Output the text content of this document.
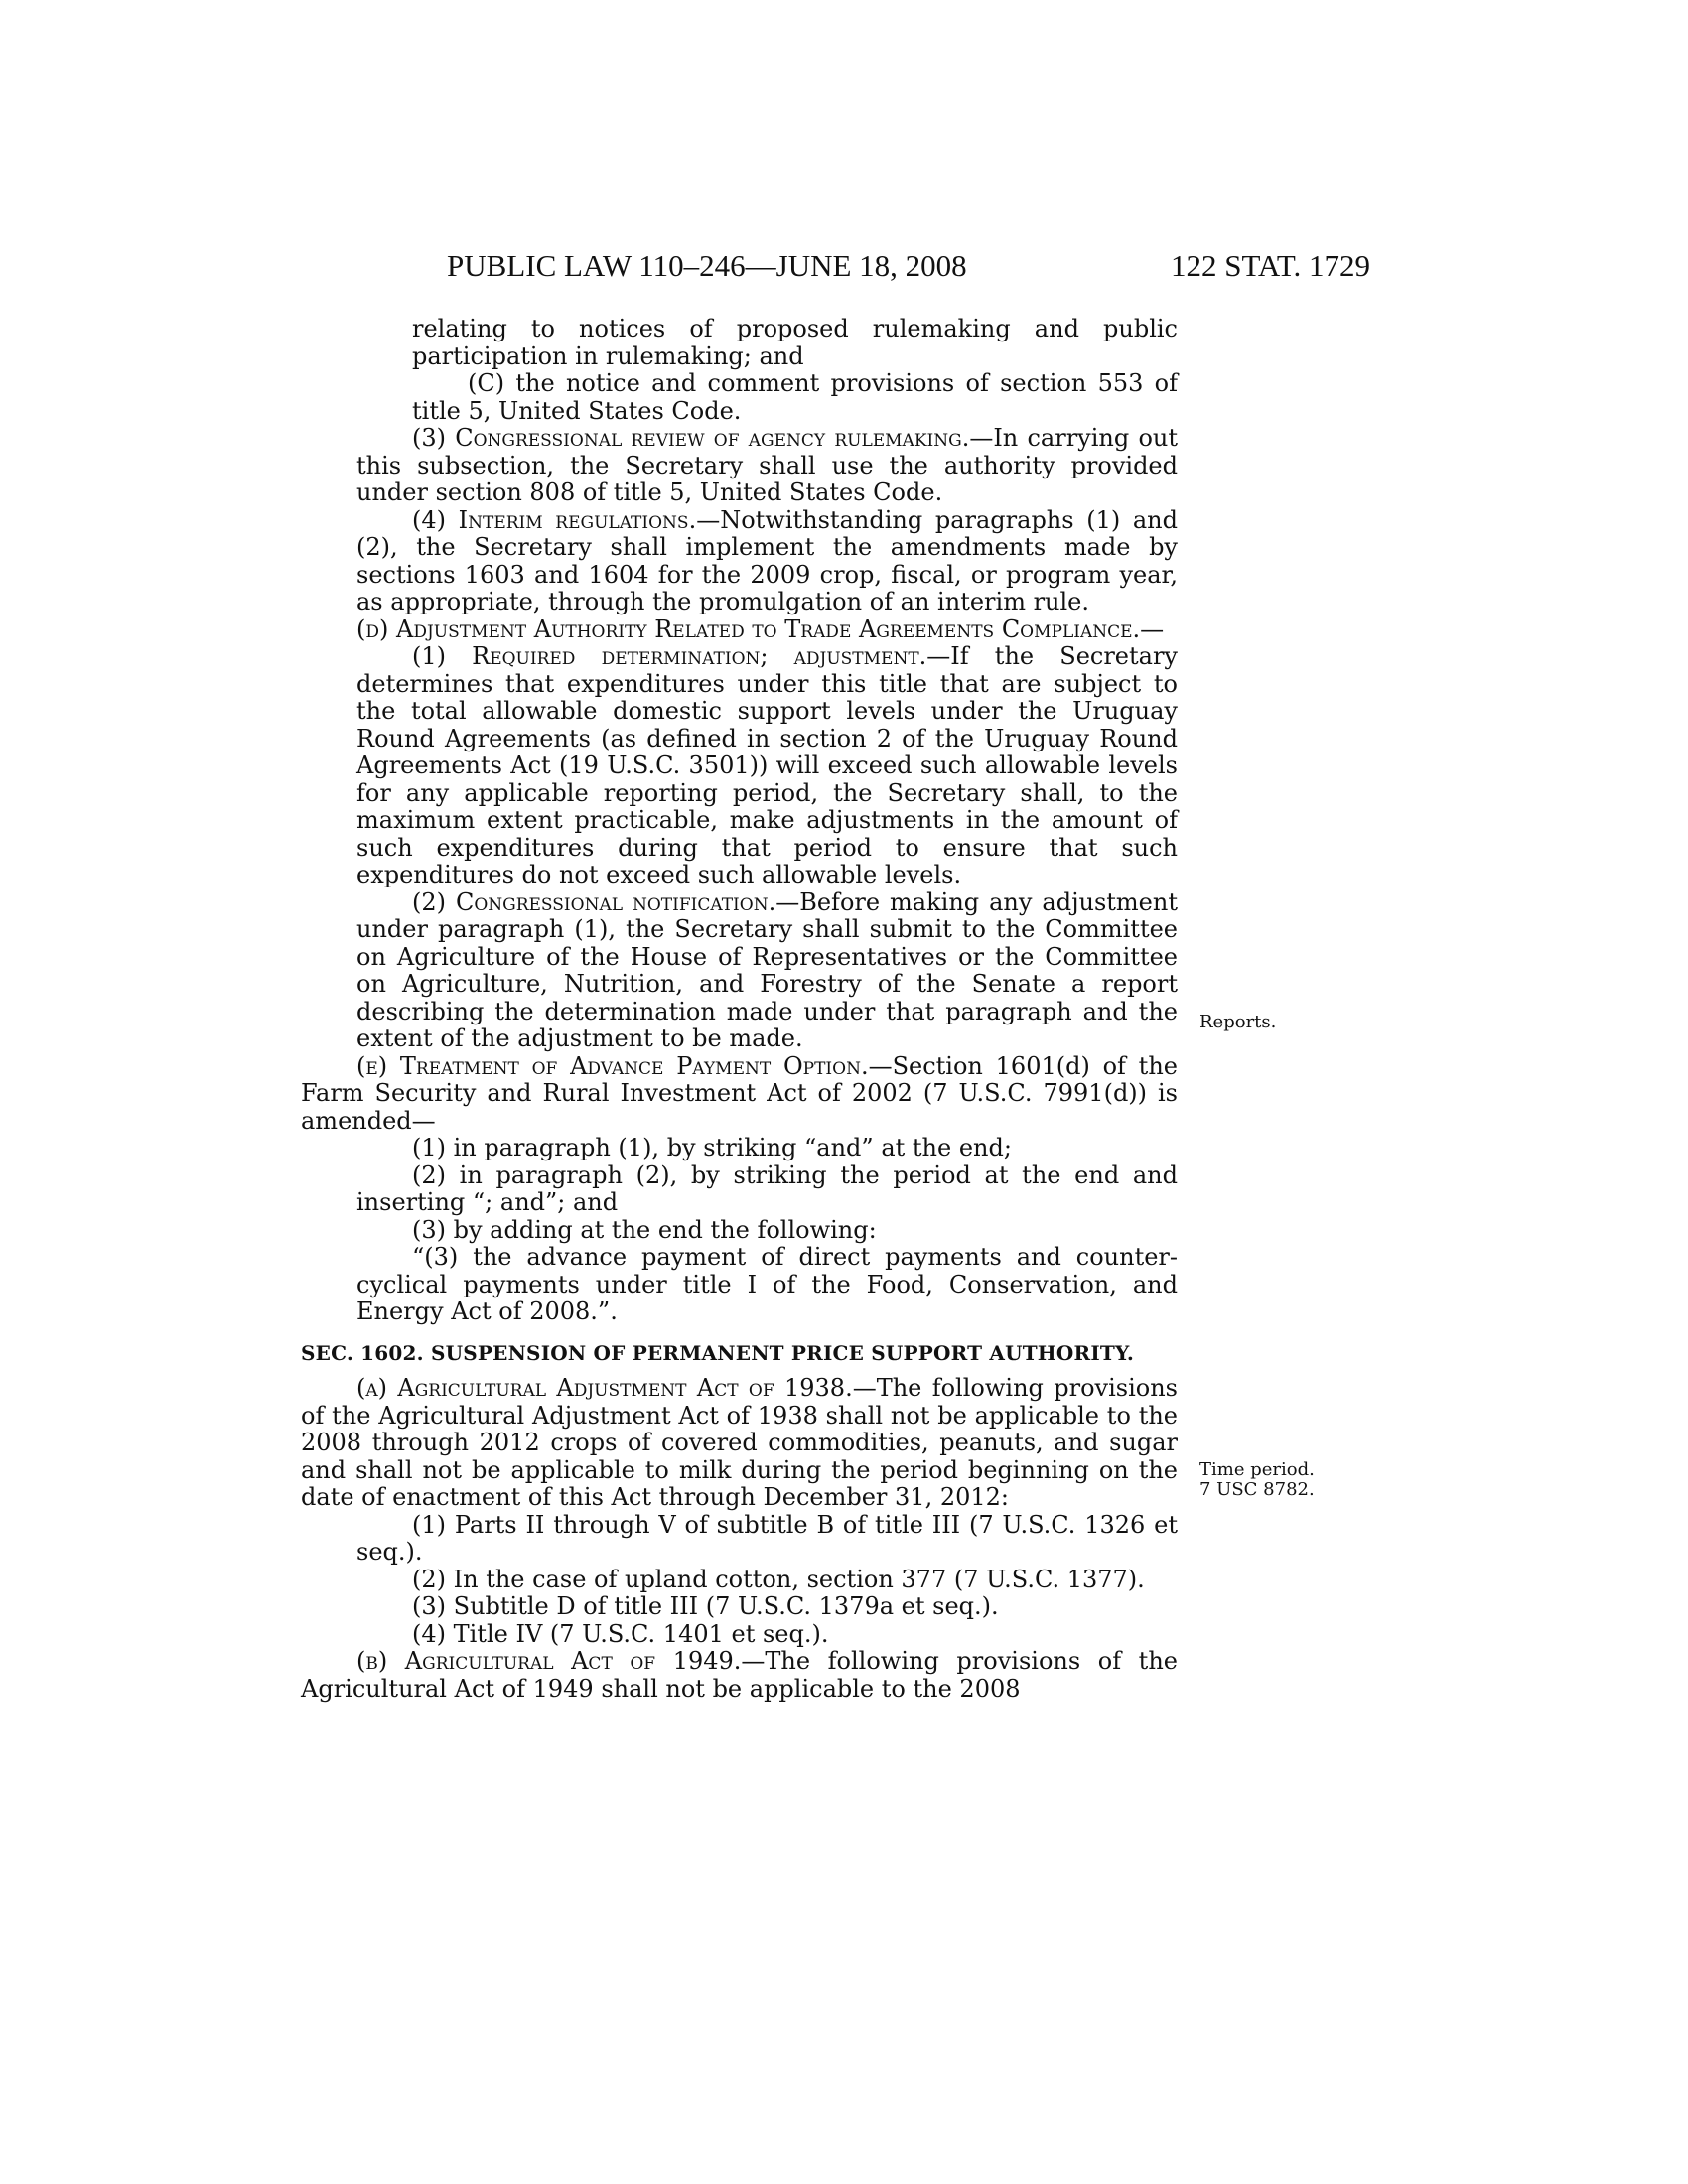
PUBLIC LAW 110–246—JUNE 18, 2008	122 STAT. 1729
Reports.
Time period.
7 USC 8782.

relating to notices of proposed rulemaking and public participation in rulemaking; and

(C) the notice and comment provisions of section 553 of title 5, United States Code.

(3) Congressional review of agency rulemaking.—In carrying out this subsection, the Secretary shall use the authority provided under section 808 of title 5, United States Code.

(4) Interim regulations.—Notwithstanding paragraphs (1) and (2), the Secretary shall implement the amendments made by sections 1603 and 1604 for the 2009 crop, fiscal, or program year, as appropriate, through the promulgation of an interim rule.

(d) Adjustment Authority Related to Trade Agreements Compliance.—

(1) Required determination; adjustment.—If the Secretary determines that expenditures under this title that are subject to the total allowable domestic support levels under the Uruguay Round Agreements (as defined in section 2 of the Uruguay Round Agreements Act (19 U.S.C. 3501)) will exceed such allowable levels for any applicable reporting period, the Secretary shall, to the maximum extent practicable, make adjustments in the amount of such expenditures during that period to ensure that such expenditures do not exceed such allowable levels.

(2) Congressional notification.—Before making any adjustment under paragraph (1), the Secretary shall submit to the Committee on Agriculture of the House of Representatives or the Committee on Agriculture, Nutrition, and Forestry of the Senate a report describing the determination made under that paragraph and the extent of the adjustment to be made.

(e) Treatment of Advance Payment Option.—Section 1601(d) of the Farm Security and Rural Investment Act of 2002 (7 U.S.C. 7991(d)) is amended—

(1) in paragraph (1), by striking “and” at the end;

(2) in paragraph (2), by striking the period at the end and inserting “; and”; and

(3) by adding at the end the following:

“(3) the advance payment of direct payments and counter-cyclical payments under title I of the Food, Conservation, and Energy Act of 2008.”.

SEC. 1602. SUSPENSION OF PERMANENT PRICE SUPPORT AUTHORITY.

(a) Agricultural Adjustment Act of 1938.—The following provisions of the Agricultural Adjustment Act of 1938 shall not be applicable to the 2008 through 2012 crops of covered commodities, peanuts, and sugar and shall not be applicable to milk during the period beginning on the date of enactment of this Act through December 31, 2012:

(1) Parts II through V of subtitle B of title III (7 U.S.C. 1326 et seq.).

(2) In the case of upland cotton, section 377 (7 U.S.C. 1377).

(3) Subtitle D of title III (7 U.S.C. 1379a et seq.).

(4) Title IV (7 U.S.C. 1401 et seq.).

(b) Agricultural Act of 1949.—The following provisions of the Agricultural Act of 1949 shall not be applicable to the 2008
